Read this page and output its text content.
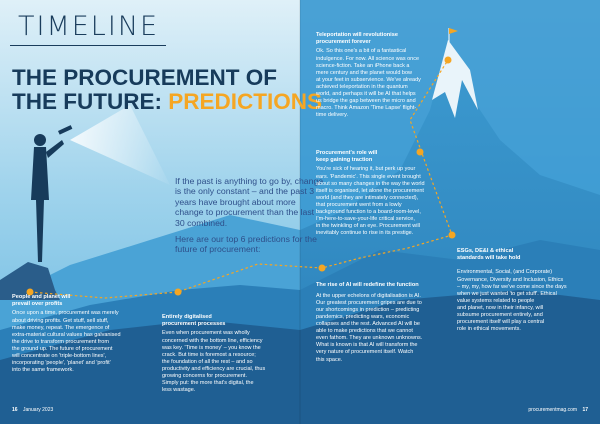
TIMELINE
THE PROCUREMENT OF
THE FUTURE: PREDICTIONS

If the past is anything to go by, change is the only constant – and the past 3 years have brought about more change to procurement than the last 30 combined.

Here are our top 6 predictions for the future of procurement:

People and planet will
prevail over profits
Once upon a time, procurement was merely
about driving profits. Get stuff, sell stuff,
make money, repeat. The emergence of
extra-material cultural values has galvanised
the drive to transform procurement from
the ground up. The future of procurement
will concentrate on 'triple-bottom lines',
incorporating 'people', 'planet' and 'profit'
into the same framework.
Entirely digitalised
procurement processes
Even when procurement was wholly
concerned with the bottom line, efficiency
was key. 'Time is money' – you know the
crack. But time is foremost a resource;
the foundation of all the rest – and so
productivity and efficiency are crucial, thus
growing concerns for procurement.
Simply put: the more that's digital, the
less wastage.
The rise of AI will redefine the function
At the upper echelons of digitalisation is AI.
Our greatest procurement gripes are due to
our shortcomings in prediction – predicting
pandemics, predicting wars, economic
collapses and the rest. Advanced AI will be
able to make predictions that we cannot
even fathom. They are unknown unknowns.
What is known is that AI will transform the
very nature of procurement itself. Watch
this space.
Procurement's role will
keep gaining traction
You're sick of hearing it, but perk up your
ears. 'Pandemic'. This single event brought
about so many changes in the way the world
itself is organised, let alone the procurement
world (and they are intimately connected),
that procurement went from a lowly
background function to a board-room-level,
I'm-here-to-save-your-life critical service,
in the twinkling of an eye. Procurement will
inevitably continue to rise in its prestige.
Teleportation will revolutionise
procurement forever
Ok. So this one's a bit of a fantastical
indulgence. For now. All science was once
science-fiction. Take an iPhone back a
mere century and the planet would bow
at your feet in subservience. We've already
achieved teleportation in the quantum
world, and perhaps it will be AI that helps
us bridge the gap between the micro and
macro. Think Amazon 'Time Lapse' flight-
time delivery.
ESGs, DE&I & ethical
standards will take hold
Environmental, Social, (and Corporate)
Governance, Diversity and Inclusion, Ethics
– my, my, how far we've come since the days
when we just wanted 'to get stuff'. Ethical
value systems related to people
and planet, now in their infancy, will
subsume procurement entirely, and
procurement itself will play a central
role in ethical movements.
16 January 2023	procurementmag.com 17
